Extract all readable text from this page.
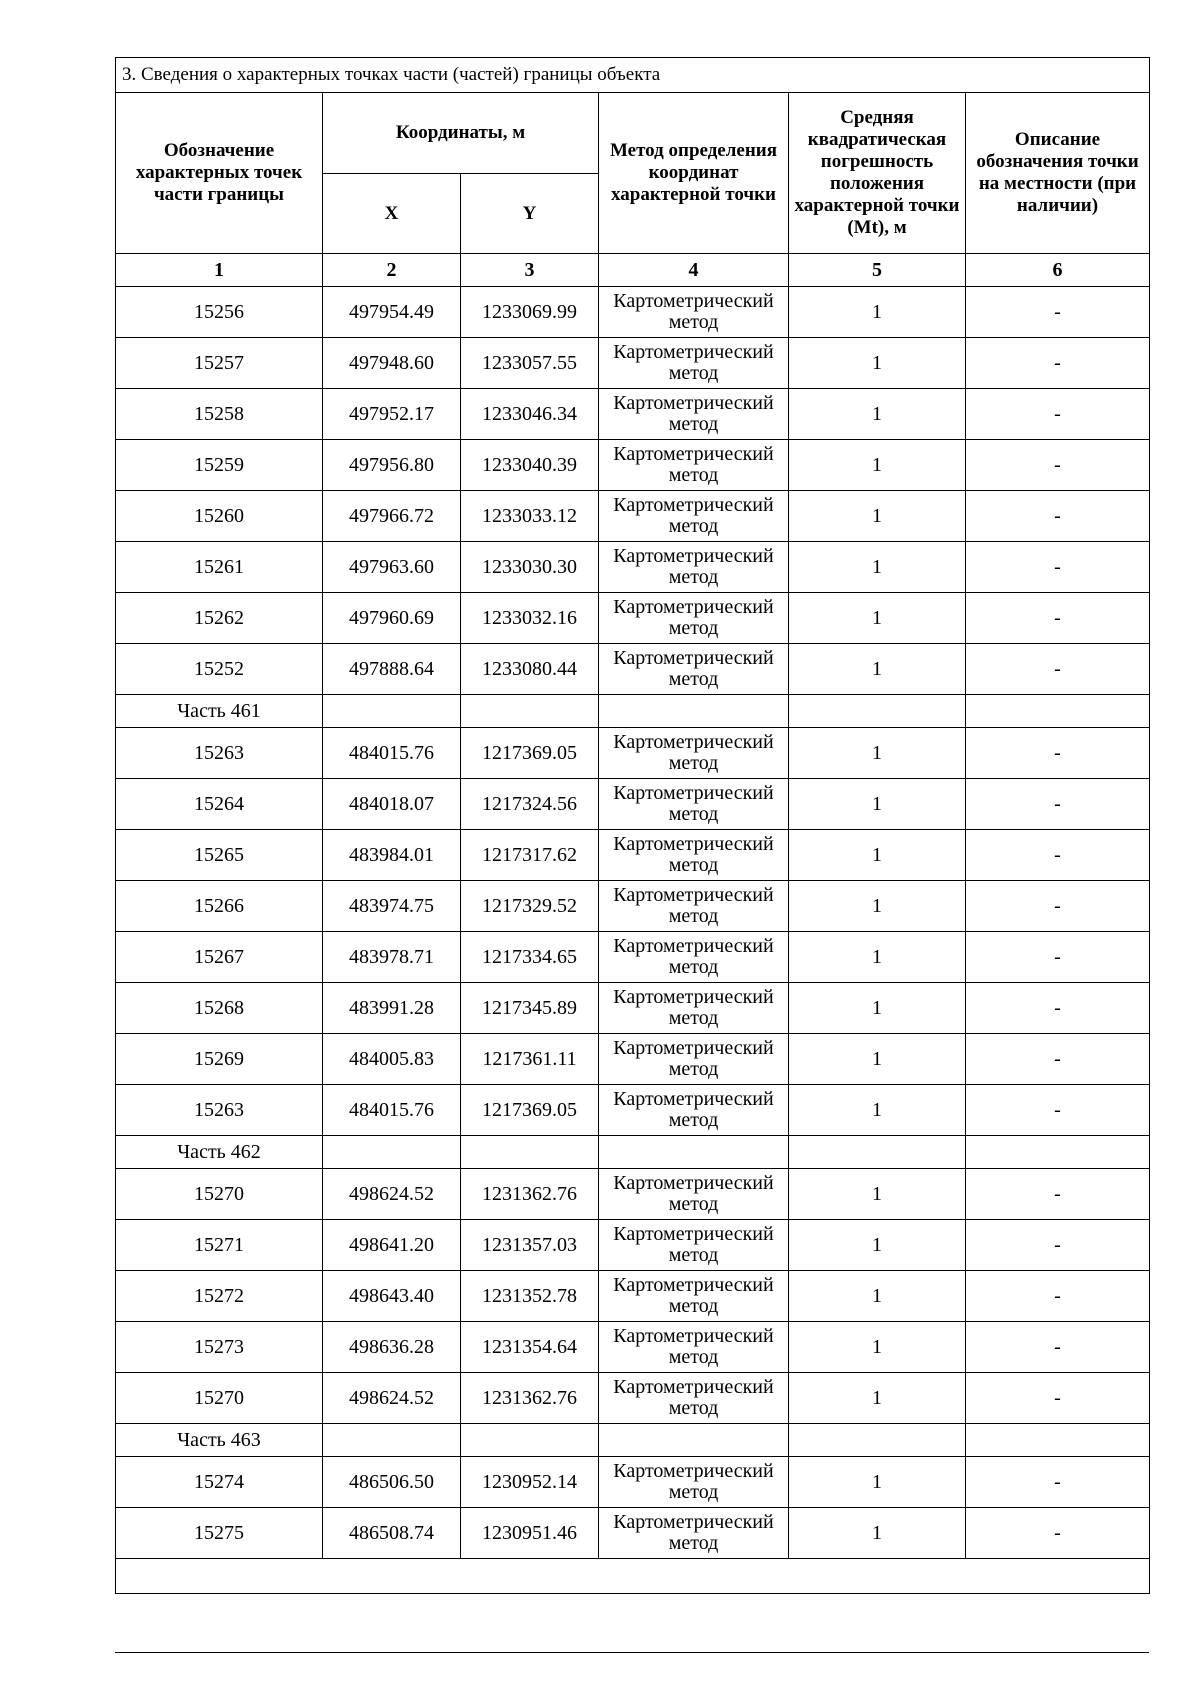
3. Сведения о характерных точках части (частей) границы объекта					
Обозначение характерных точек части границы	Координаты, м		Метод определения координат характерной точки	Средняя квадратическая погрешность положения характерной точки (Mt), м	Описание обозначения точки на местности (при наличии)
	X	Y			
1	2	3	4	5	6
15256	497954.49	1233069.99	Картометрический метод	1	-
15257	497948.60	1233057.55	Картометрический метод	1	-
15258	497952.17	1233046.34	Картометрический метод	1	-
15259	497956.80	1233040.39	Картометрический метод	1	-
15260	497966.72	1233033.12	Картометрический метод	1	-
15261	497963.60	1233030.30	Картометрический метод	1	-
15262	497960.69	1233032.16	Картометрический метод	1	-
15252	497888.64	1233080.44	Картометрический метод	1	-
Часть 461					
15263	484015.76	1217369.05	Картометрический метод	1	-
15264	484018.07	1217324.56	Картометрический метод	1	-
15265	483984.01	1217317.62	Картометрический метод	1	-
15266	483974.75	1217329.52	Картометрический метод	1	-
15267	483978.71	1217334.65	Картометрический метод	1	-
15268	483991.28	1217345.89	Картометрический метод	1	-
15269	484005.83	1217361.11	Картометрический метод	1	-
15263	484015.76	1217369.05	Картометрический метод	1	-
Часть 462					
15270	498624.52	1231362.76	Картометрический метод	1	-
15271	498641.20	1231357.03	Картометрический метод	1	-
15272	498643.40	1231352.78	Картометрический метод	1	-
15273	498636.28	1231354.64	Картометрический метод	1	-
15270	498624.52	1231362.76	Картометрический метод	1	-
Часть 463					
15274	486506.50	1230952.14	Картометрический метод	1	-
15275	486508.74	1230951.46	Картометрический метод	1	-
